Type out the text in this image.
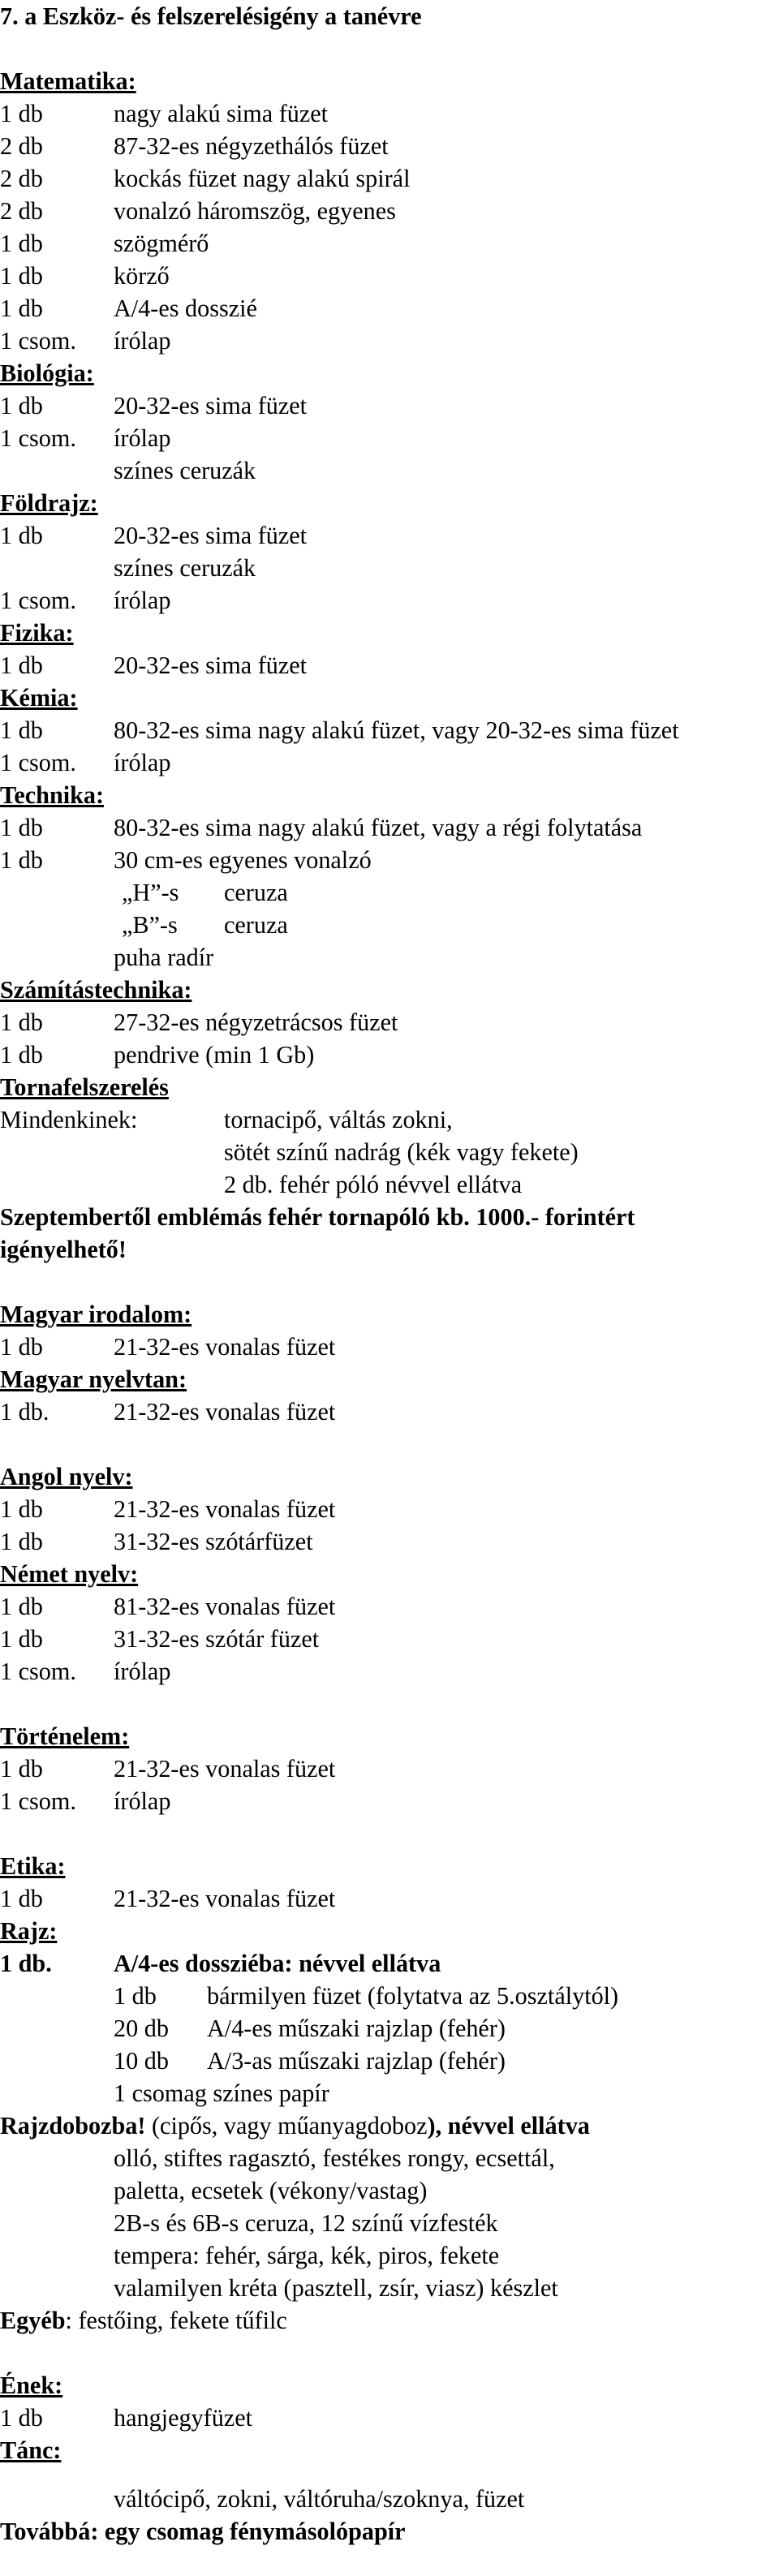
7. a Eszköz- és felszerelésigény a tanévre
Matematika:
1 db	nagy alakú sima füzet
2 db	87-32-es négyzethálós füzet
2 db	kockás füzet nagy alakú spirál
2 db	vonalzó háromszög, egyenes
1 db	szögmérő
1 db	körző
1 db	A/4-es dosszié
1 csom. írólap
Biológia:
1 db	20-32-es sima füzet
1 csom. írólap
színes ceruzák
Földrajz:
1 db	20-32-es sima füzet
színes ceruzák
1 csom. írólap
Fizika:
1 db	20-32-es sima füzet
Kémia:
1 db	80-32-es sima nagy alakú füzet, vagy 20-32-es sima füzet
1 csom. írólap
Technika:
1 db	80-32-es sima nagy alakú füzet, vagy a régi folytatása
1 db	30 cm-es egyenes vonalzó
„H”-s ceruza
„B”-s ceruza
puha radír
Számítástechnika:
1 db	27-32-es négyzetrácsos füzet
1 db	pendrive (min 1 Gb)
Tornafelszerelés
Mindenkinek:	tornacipő, váltás zokni,
sötét színű nadrág (kék vagy fekete)
2 db. fehér póló névvel ellátva
Szeptembertől emblémás fehér tornapóló kb. 1000.- forintért
igényelhető!
Magyar irodalom:
1 db	21-32-es vonalas füzet
Magyar nyelvtan:
1 db.	21-32-es vonalas füzet
Angol nyelv:
1 db	21-32-es vonalas füzet
1 db	31-32-es szótárfüzet
Német nyelv:
1 db	81-32-es vonalas füzet
1 db	31-32-es szótár füzet
1 csom. írólap
Történelem:
1 db	21-32-es vonalas füzet
1 csom. írólap
Etika:
1 db	21-32-es vonalas füzet
Rajz:
1 db.	A/4-es dossziéba: névvel ellátva
1 db bármilyen füzet (folytatva az 5.osztálytól)
20 db A/4-es műszaki rajzlap (fehér)
10 db A/3-as műszaki rajzlap (fehér)
1 csomag színes papír
Rajzdobozba! (cipős, vagy műanyagdoboz), névvel ellátva
olló, stiftes ragasztó, festékes rongy, ecsettál,
paletta, ecsetek (vékony/vastag)
2B-s és 6B-s ceruza, 12 színű vízfesték
tempera: fehér, sárga, kék, piros, fekete
valamilyen kréta (pasztell, zsír, viasz) készlet
Egyéb: festőing, fekete tűfilc
Ének:
1 db	hangjegyfüzet
Tánc:
váltócipő, zokni, váltóruha/szoknya, füzet
Továbbá: egy csomag fénymásolópapír
